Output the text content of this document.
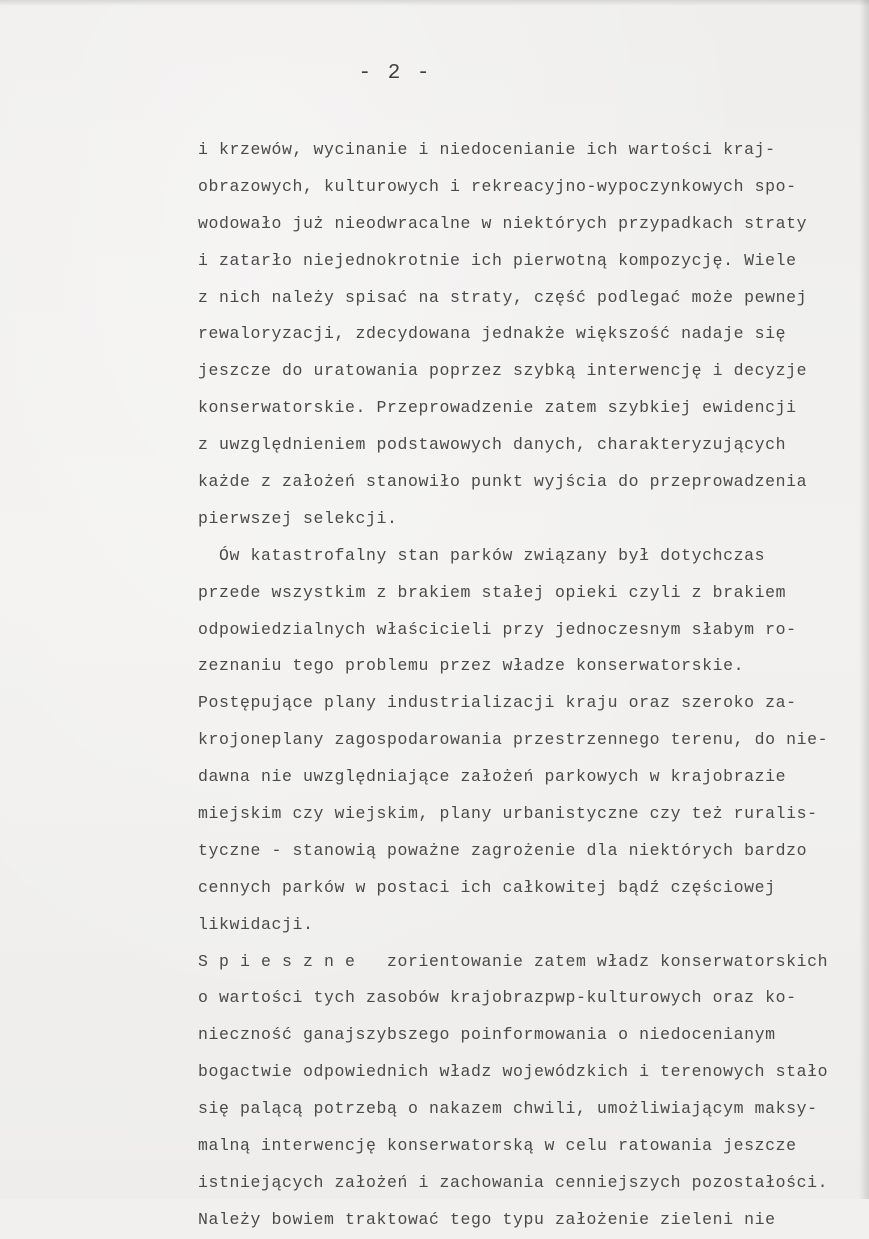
- 2 -
i krzewów, wycinanie i niedocenianie ich wartości kraj-
obrazowych, kulturowych i rekreacyjno-wypoczynkowych spo-
wodowało już nieodwracalne w niektórych przypadkach straty
i zatarło niejednokrotnie ich pierwotną kompozycję. Wiele
z nich należy spisać na straty, część podlegać może pewnej
rewaloryzacji, zdecydowana jednakże większość nadaje się
jeszcze do uratowania poprzez szybką interwencję i decyzje
konserwatorskie. Przeprowadzenie zatem szybkiej ewidencji
z uwzględnieniem podstawowych danych, charakteryzujących
każde z założeń stanowiło punkt wyjścia do przeprowadzenia
pierwszej selekcji.
Ów katastrofalny stan parków związany był dotychczas
przede wszystkim z brakiem stałej opieki czyli z brakiem
odpowiedzialnych właścicieli przy jednoczesnym słabym ro-
zeznaniu tego problemu przez władze konserwatorskie.
Postępujące plany industrializacji kraju oraz szeroko za-
krojoneplany zagospodarowania przestrzennego terenu, do nie-
dawna nie uwzględniające założeń parkowych w krajobrazie
miejskim czy wiejskim, plany urbanistyczne czy też ruralis-
tyczne - stanowią poważne zagrożenie dla niektórych bardzo
cennych parków w postaci ich całkowitej bądź częściowej
likwidacji.
S p i e s z n e   zorientowanie zatem władz konserwatorskich
o wartości tych zasobów krajobrazpwp-kulturowych oraz ko-
nieczność ganajszybszego poinformowania o niedocenianym
bogactwie odpowiednich władz wojewódzkich i terenowych stało
się palącą potrzebą o nakazem chwili, umożliwiającym maksy-
malną interwencję konserwatorską w celu ratowania jeszcze
istniejących założeń i zachowania cenniejszych pozostałości.
Należy bowiem traktować tego typu założenie zieleni nie
